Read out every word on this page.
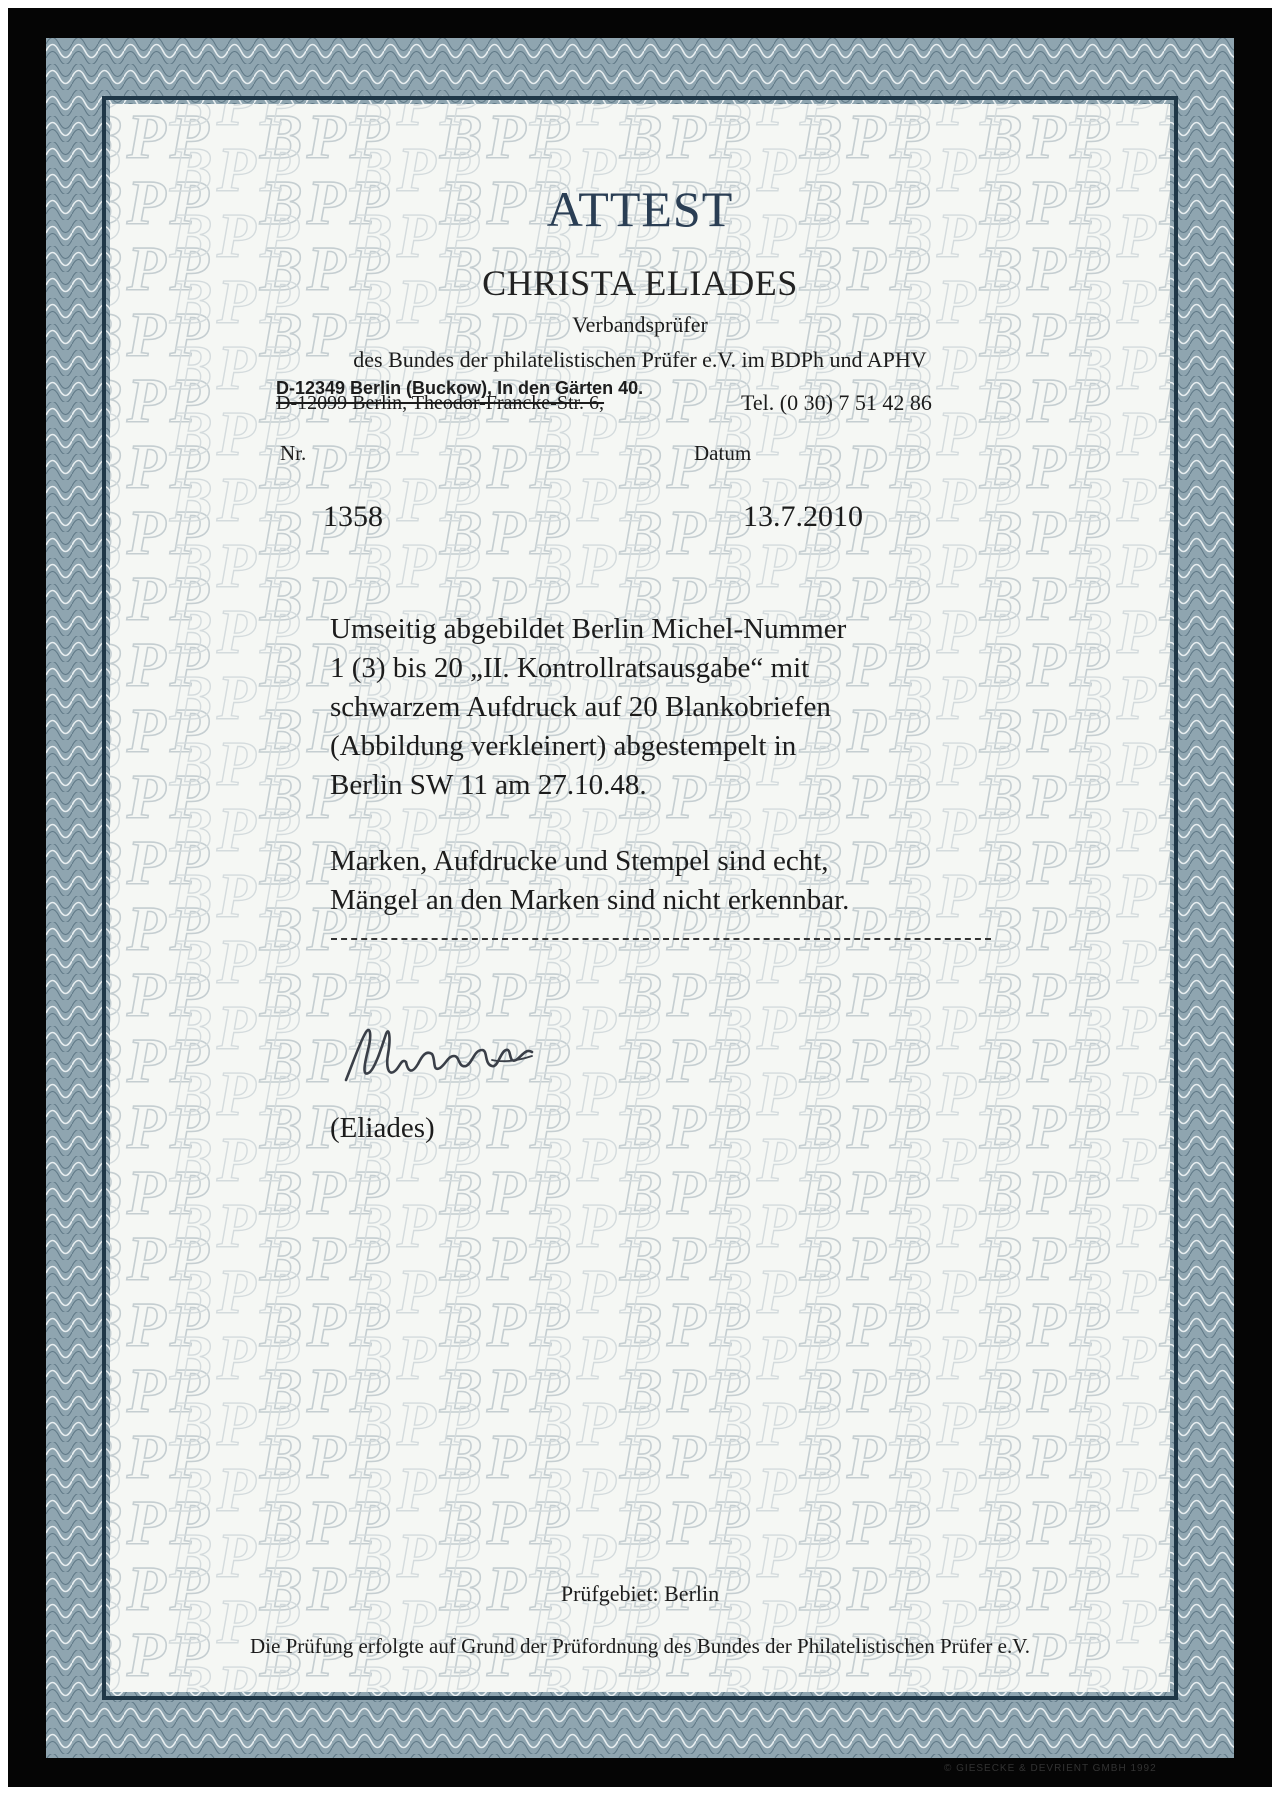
ATTEST
CHRISTA ELIADES
Verbandsprüfer
des Bundes der philatelistischen Prüfer e.V. im BDPh und APHV
D-12099 Berlin, Theodor-Francke-Str. 6,
D-12349 Berlin (Buckow), In den Gärten 40.
Tel. (0 30) 7 51 42 86
Nr.	Datum
1358	13.7.2010
Umseitig abgebildet Berlin Michel-Nummer
1 (3) bis 20 „II. Kontrollratsausgabe“ mit
schwarzem Aufdruck auf 20 Blankobriefen
(Abbildung verkleinert) abgestempelt in
Berlin SW 11 am 27.10.48.
Marken, Aufdrucke und Stempel sind echt,
Mängel an den Marken sind nicht erkennbar.
(Eliades)
Prüfgebiet: Berlin
Die Prüfung erfolgte auf Grund der Prüfordnung des Bundes der Philatelistischen Prüfer e.V.
© GIESECKE & DEVRIENT GMBH 1992
